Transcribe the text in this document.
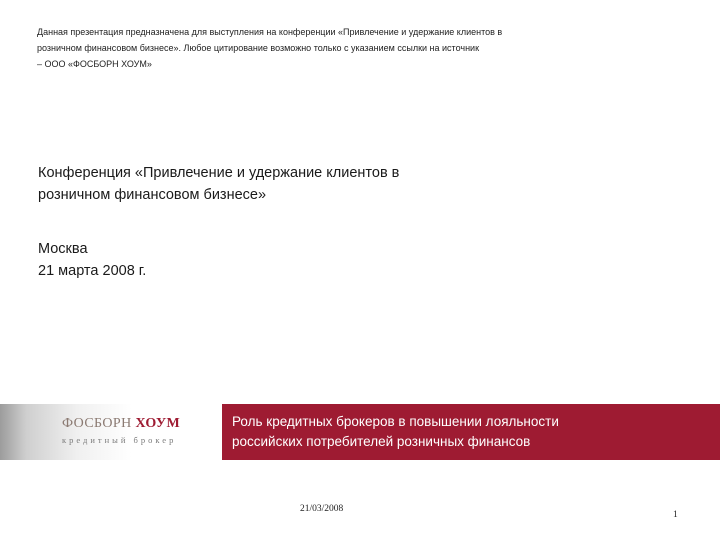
Данная презентация предназначена для выступления на конференции «Привлечение и удержание клиентов в
розничном финансовом бизнесе». Любое цитирование возможно только с указанием ссылки на источник
– ООО «ФОСБОРН ХОУМ»
Конференция «Привлечение и удержание клиентов в
розничном финансовом бизнесе»
Москва
21 марта 2008 г.
ФОСБОРН ХОУМ
кредитный брокер
Роль кредитных брокеров в повышении лояльности
российских потребителей розничных финансов
21/03/2008
1
